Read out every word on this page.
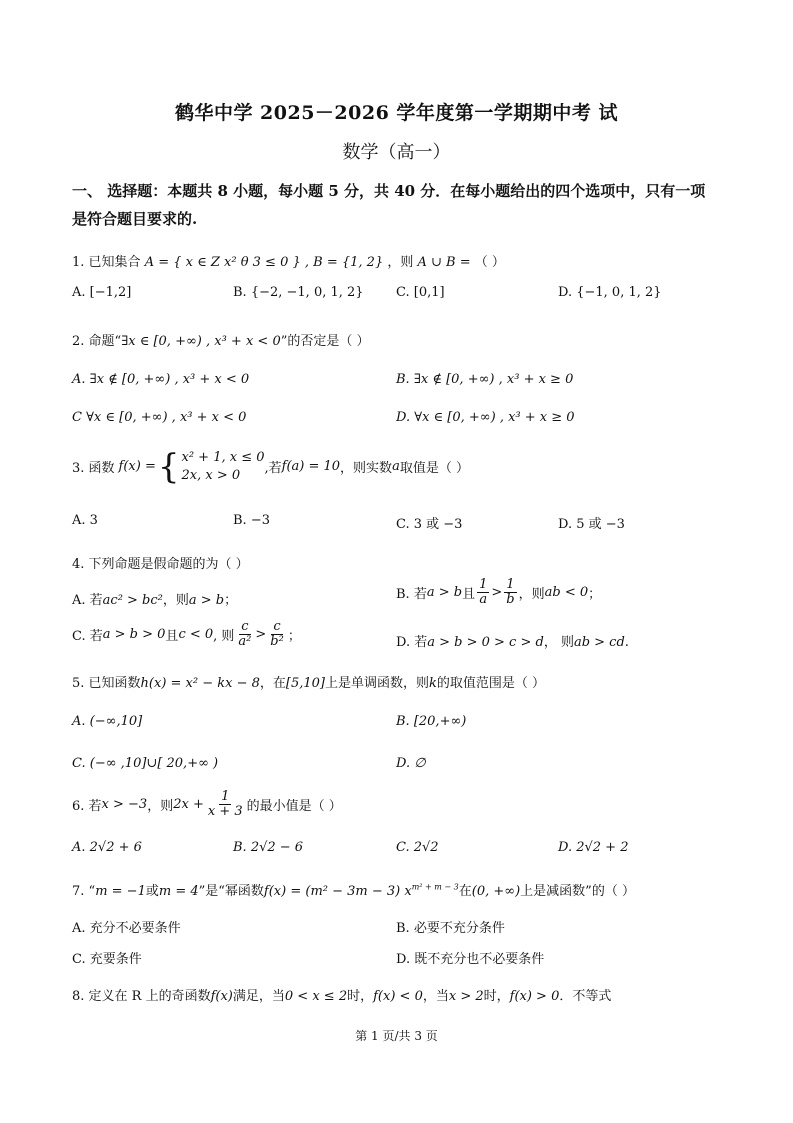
鹤华中学 2025－2026 学年度第一学期期中考 试
数学（高一）
一、 选择题：本题共 8 小题，每小题 5 分，共 40 分．在每小题给出的四个选项中，只有一项
是符合题目要求的.
1. 已知集合 A = { x ∈ Z x² θ 3 ≤ 0 } , B = {1, 2} ，则 A ∪ B = （ ）
A. [−1,2]	B. {−2, −1, 0, 1, 2} C. [0,1]	D. {−1, 0, 1, 2}
2. 命题“∃x ∈ [0, +∞) , x³ + x < 0”的否定是（ ）
A. ∃x ∉ [0, +∞) , x³ + x < 0	B. ∃x ∉ [0, +∞) , x³ + x ≥ 0
C ∀x ∈ [0, +∞) , x³ + x < 0	D. ∀x ∈ [0, +∞) , x³ + x ≥ 0
3. 函数 f(x) = { x² + 1, x ≤ 0
2x, x > 0	,若 f(a) = 10 ，则实数 a 取值是（ ）
A. 3	B. −3	C. 3 或 −3	D. 5 或 −3
4. 下列命题是假命题的为（ ）
A. 若ac² > bc²，则a > b；	B. 若 a > b 且 $\frac{1}{a} > \frac{1}{b}$ ，则 ab < 0 ；
C. 若 a > b > 0 且 c < 0 , 则 $\frac{c}{\text{a²}} > \frac{c}{\text{b²}}$ ；	D. 若a > b > 0 > c > d， 则ab > ⅽd.
5. 已知函数h(x) = x² − kx − 8，在[5,10]上是单调函数，则k的取值范围是（ ）
A. (−∞,10]	B. [20,+∞)
C. (−∞ ,10]∪[ 20,+∞ )	D. ∅
6. 若 x > −3 ，则 $2x + \frac{1}{x + 3}$ 的最小值是（ ）
A. 2√2 + 6	B. 2√2 − 6	C. 2√2	D. 2√2 + 2
7. “m = −1或m = 4”是“幂函数f(x) = (m² − 3m − 3) $x^{m^2 + m - 3}$在(0, +∞)上是减函数”的（ ）
A. 充分不必要条件	B. 必要不充分条件
C. 充要条件	D. 既不充分也不必要条件
8. 定义在 R 上的奇函数f(x)满足，当0 < x ≤ 2时，f(x) < 0，当x > 2时，f(x) > 0．不等式
第 1 页/共 3 页
